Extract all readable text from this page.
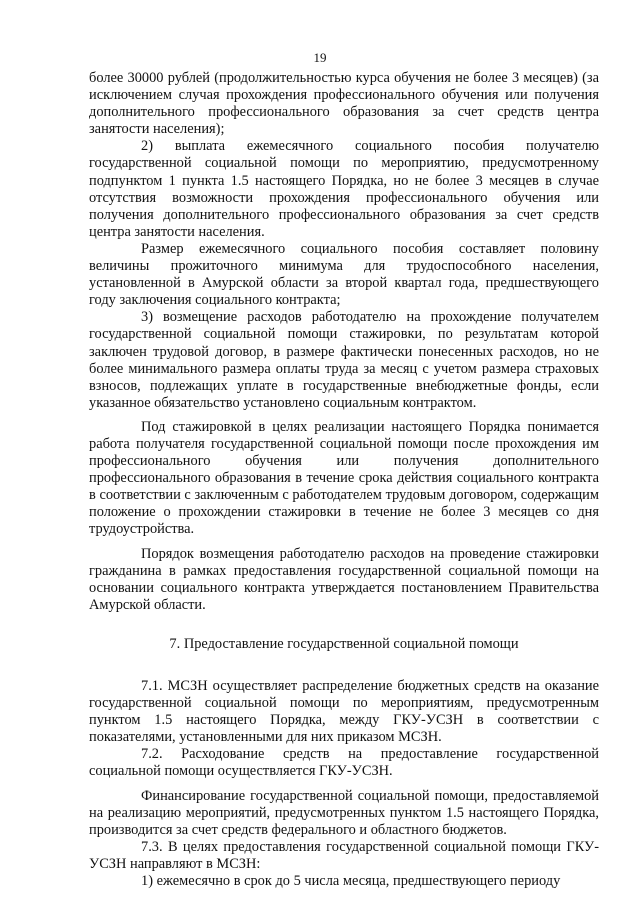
19

более 30000 рублей (продолжительностью курса обучения не более 3 месяцев) (за исключением случая прохождения профессионального обучения или получения дополнительного профессионального образования за счет средств центра занятости населения);

2) выплата ежемесячного социального пособия получателю государственной социальной помощи по мероприятию, предусмотренному подпунктом 1 пункта 1.5 настоящего Порядка, но не более 3 месяцев в случае отсутствия возможности прохождения профессионального обучения или получения дополнительного профессионального образования за счет средств центра занятости населения.

Размер ежемесячного социального пособия составляет половину величины прожиточного минимума для трудоспособного населения, установленной в Амурской области за второй квартал года, предшествующего году заключения социального контракта;

3) возмещение расходов работодателю на прохождение получателем государственной социальной помощи стажировки, по результатам которой заключен трудовой договор, в размере фактически понесенных расходов, но не более минимального размера оплаты труда за месяц с учетом размера страховых взносов, подлежащих уплате в государственные внебюджетные фонды, если указанное обязательство установлено социальным контрактом.

Под стажировкой в целях реализации настоящего Порядка понимается работа получателя государственной социальной помощи после прохождения им профессионального обучения или получения дополнительного профессионального образования в течение срока действия социального контракта в соответствии с заключенным с работодателем трудовым договором, содержащим положение о прохождении стажировки в течение не более 3 месяцев со дня трудоустройства.

Порядок возмещения работодателю расходов на проведение стажировки гражданина в рамках предоставления государственной социальной помощи на основании социального контракта утверждается постановлением Правительства Амурской области.

7. Предоставление государственной социальной помощи

7.1. МСЗН осуществляет распределение бюджетных средств на оказание государственной социальной помощи по мероприятиям, предусмотренным пунктом 1.5 настоящего Порядка, между ГКУ-УСЗН в соответствии с показателями, установленными для них приказом МСЗН.

7.2. Расходование средств на предоставление государственной социальной помощи осуществляется ГКУ-УСЗН.

Финансирование государственной социальной помощи, предоставляемой на реализацию мероприятий, предусмотренных пунктом 1.5 настоящего Порядка, производится за счет средств федерального и областного бюджетов.

7.3. В целях предоставления государственной социальной помощи ГКУ-УСЗН направляют в МСЗН:

1) ежемесячно в срок до 5 числа месяца, предшествующего периоду
